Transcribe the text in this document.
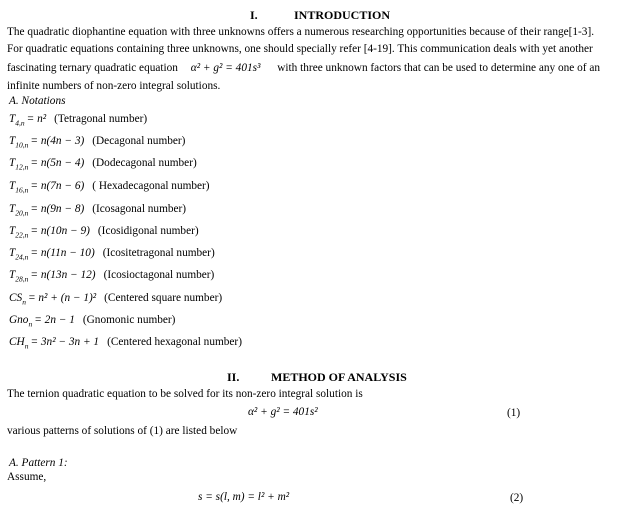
I.	INTRODUCTION
The quadratic diophantine equation with three unknowns offers a numerous researching opportunities because of their range[1-3].
For quadratic equations containing three unknowns, one should specially refer [4-19]. This communication deals with yet another
fascinating ternary quadratic equation α² + g² = 401s³ with three unknown factors that can be used to determine any one of an
infinite numbers of non-zero integral solutions.
A. Notations
$T_{4,n} = n^2$ (Tetragonal number)
$T_{10,n} = n(4n - 3)$ (Decagonal number)
$T_{12,n} = n(5n - 4)$ (Dodecagonal number)
$T_{16,n} = n(7n - 6)$ ( Hexadecagonal number)
$T_{20,n} = n(9n - 8)$ (Icosagonal number)
$T_{22,n} = n(10n - 9)$ (Icosidigonal number)
$T_{24,n} = n(11n - 10)$ (Icositetragonal number)
$T_{28,n} = n(13n - 12)$ (Icosioctagonal number)
$CS_n = n^2 + (n - 1)^2$ (Centered square number)
Gno$_n$ = 2n − 1 (Gnomonic number)
$CH_n = 3n^2 - 3n + 1$ (Centered hexagonal number)
II.	METHOD OF ANALYSIS
The ternion quadratic equation to be solved for its non-zero integral solution is
α² + g² = 401s²	(1)
various patterns of solutions of (1) are listed below
A. Pattern 1:
Assume,
s = s(l, m) = l² + m²	(2)
